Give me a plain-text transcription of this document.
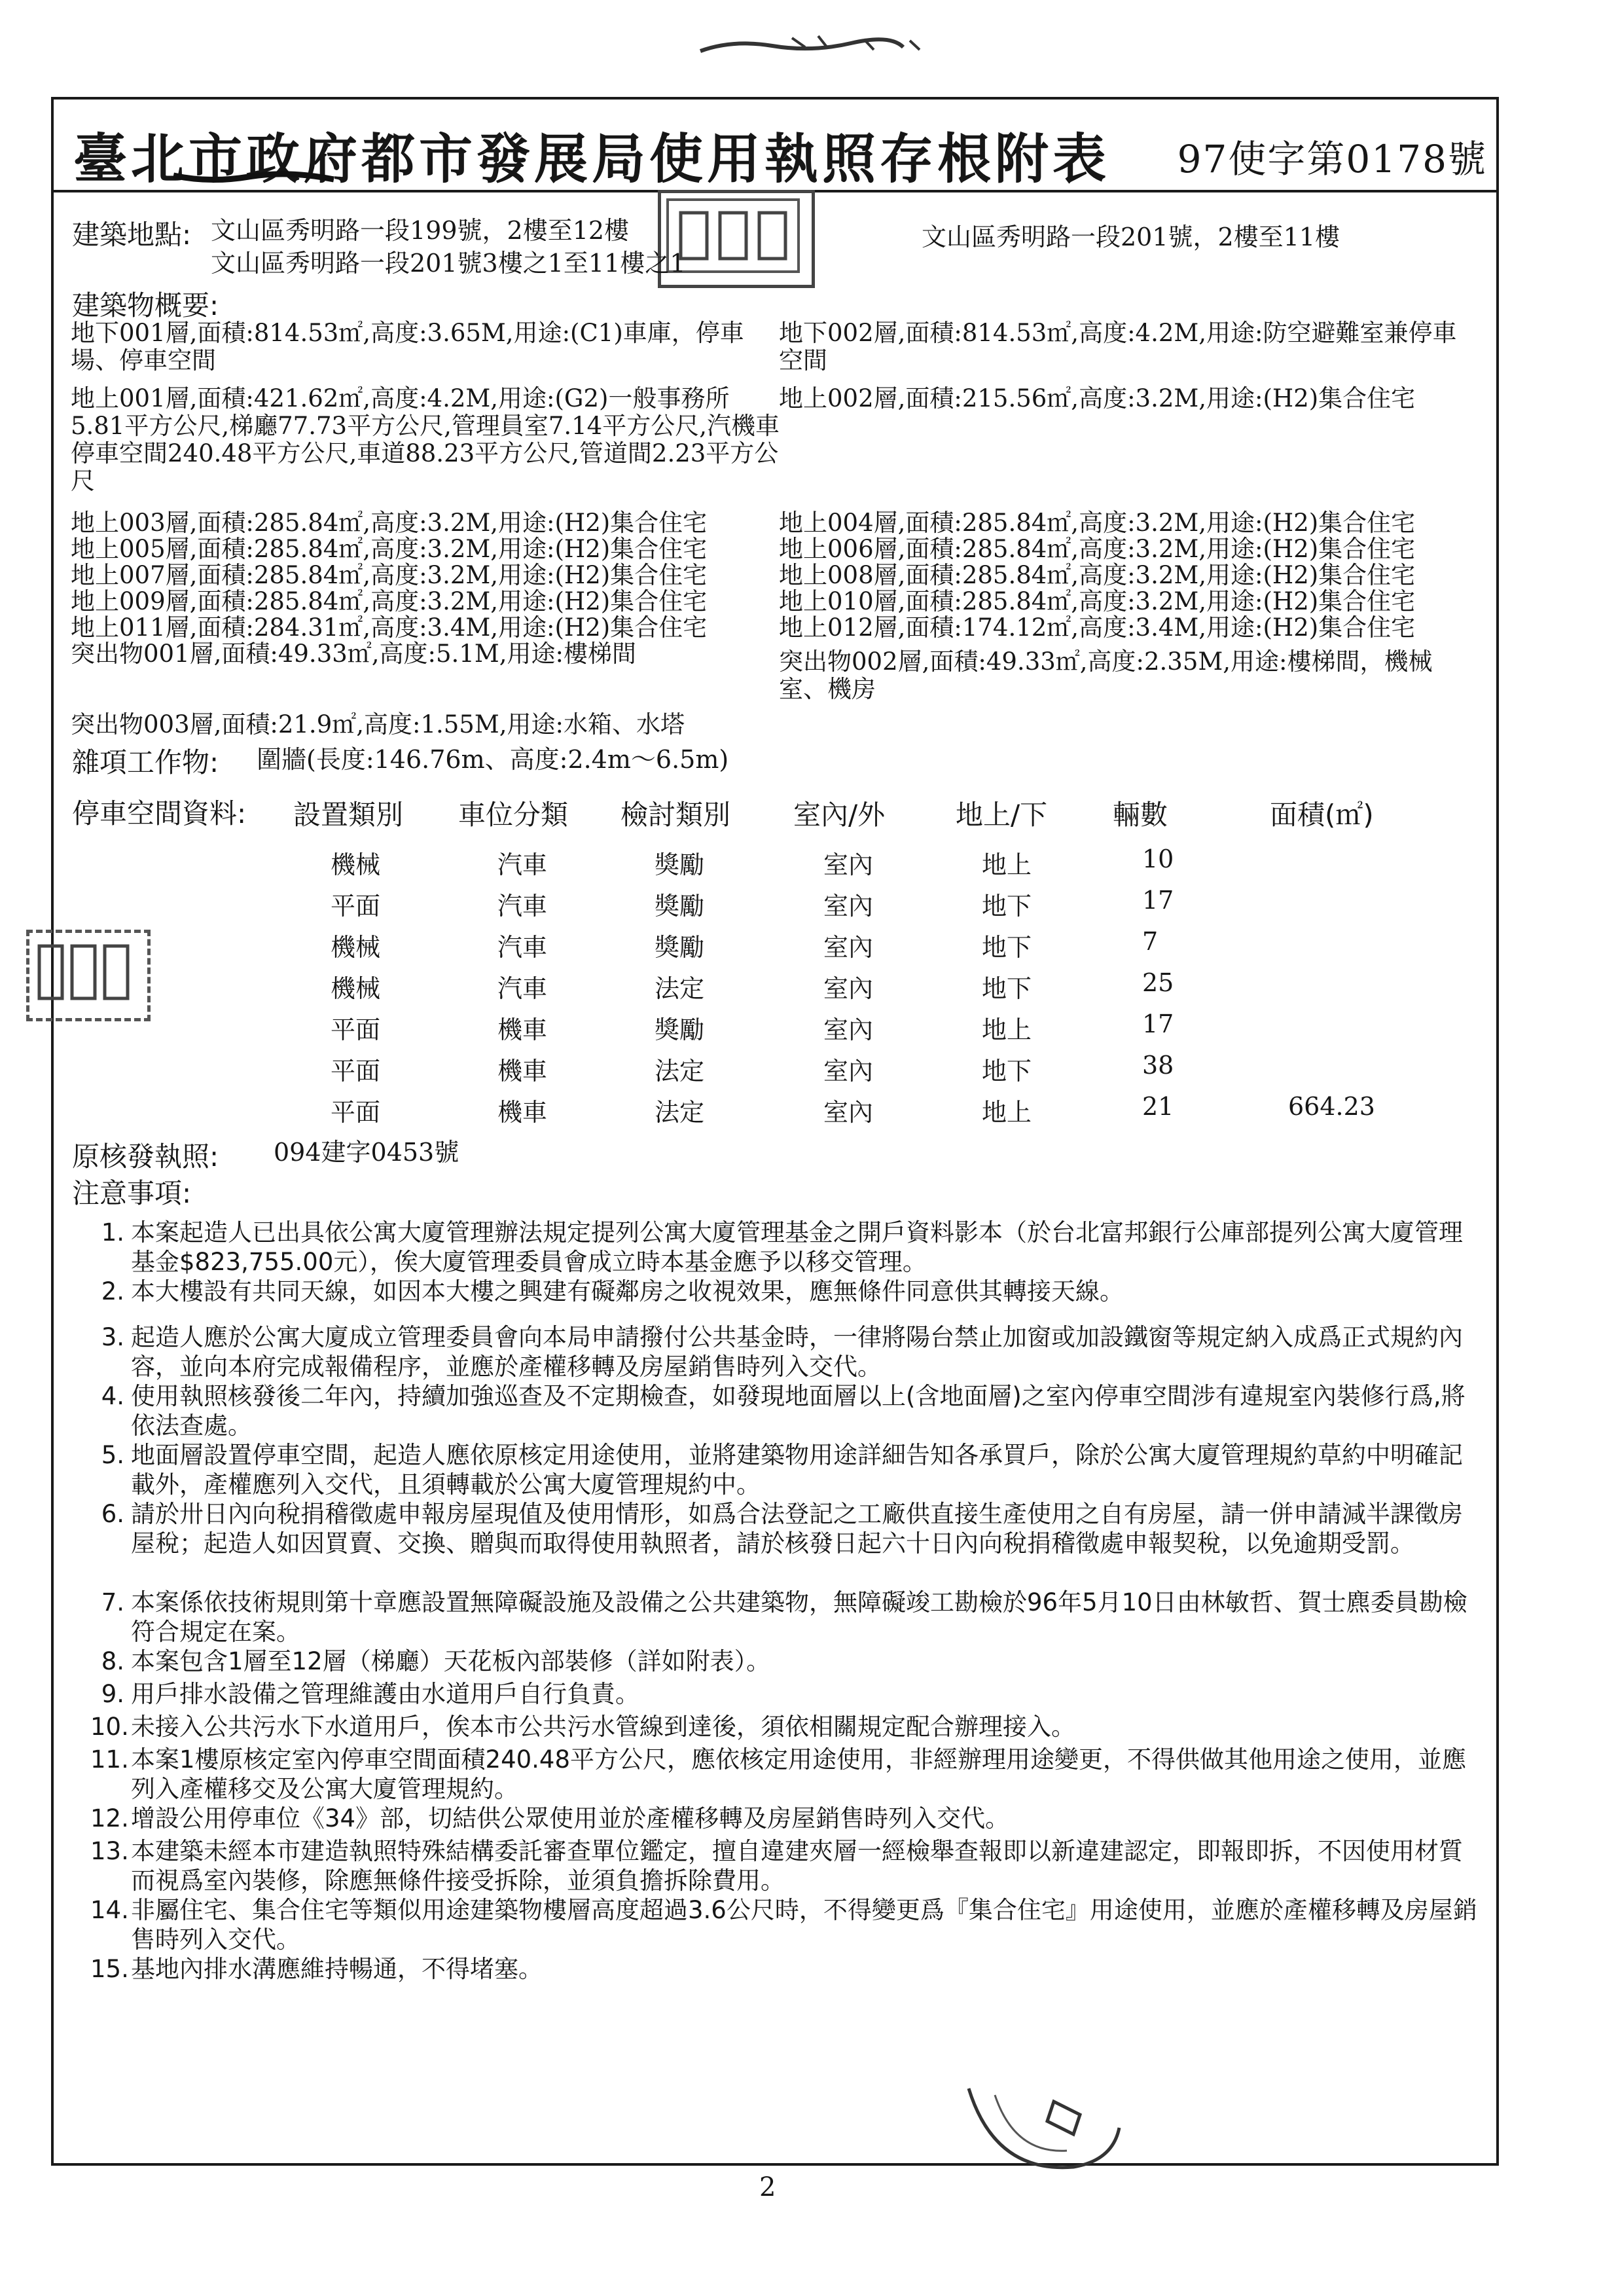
臺北市政府都市發展局使用執照存根附表 97使字第0178號
建築地點: 文山區秀明路一段199號，2樓至12樓	文山區秀明路一段201號，2樓至11樓
文山區秀明路一段201號3樓之1至11樓之1
建築物概要:
地下001層,面積:814.53㎡,高度:3.65M,用途:(C1)車庫，停車場、停車空間
地下002層,面積:814.53㎡,高度:4.2M,用途:防空避難室兼停車空間
地上001層,面積:421.62㎡,高度:4.2M,用途:(G2)一般事務所5.81平方公尺,梯廳77.73平方公尺,管理員室7.14平方公尺,汽機車停車空間240.48平方公尺,車道88.23平方公尺,管道間2.23平方公尺
地上002層,面積:215.56㎡,高度:3.2M,用途:(H2)集合住宅
地上003層,面積:285.84㎡,高度:3.2M,用途:(H2)集合住宅	地上004層,面積:285.84㎡,高度:3.2M,用途:(H2)集合住宅
地上005層,面積:285.84㎡,高度:3.2M,用途:(H2)集合住宅	地上006層,面積:285.84㎡,高度:3.2M,用途:(H2)集合住宅
地上007層,面積:285.84㎡,高度:3.2M,用途:(H2)集合住宅	地上008層,面積:285.84㎡,高度:3.2M,用途:(H2)集合住宅
地上009層,面積:285.84㎡,高度:3.2M,用途:(H2)集合住宅	地上010層,面積:285.84㎡,高度:3.2M,用途:(H2)集合住宅
地上011層,面積:284.31㎡,高度:3.4M,用途:(H2)集合住宅	地上012層,面積:174.12㎡,高度:3.4M,用途:(H2)集合住宅
突出物001層,面積:49.33㎡,高度:5.1M,用途:樓梯間	突出物002層,面積:49.33㎡,高度:2.35M,用途:樓梯間，機械室、機房
突出物003層,面積:21.9㎡,高度:1.55M,用途:水箱、水塔
雜項工作物: 圍牆(長度:146.76m、高度:2.4m～6.5m)
停車空間資料: 設置類別 車位分類 檢討類別 室內/外	地上/下 輛數	面積(㎡)
機械	汽車	獎勵	室內	地上	10
平面	汽車	獎勵	室內	地下	17
機械	汽車	獎勵	室內	地下	7
機械	汽車	法定	室內	地下	25
平面	機車	獎勵	室內	地上	17
平面	機車	法定	室內	地下	38
平面	機車	法定	室內	地上	21	664.23
原核發執照: 094建字0453號
注意事項:
1. 本案起造人已出具依公寓大廈管理辦法規定提列公寓大廈管理基金之開戶資料影本（於台北富邦銀行公庫部提列公寓大廈管理基金$823,755.00元），俟大廈管理委員會成立時本基金應予以移交管理。
2. 本大樓設有共同天線，如因本大樓之興建有礙鄰房之收視效果，應無條件同意供其轉接天線。
3. 起造人應於公寓大廈成立管理委員會向本局申請撥付公共基金時，一律將陽台禁止加窗或加設鐵窗等規定納入成爲正式規約內容，並向本府完成報備程序，並應於產權移轉及房屋銷售時列入交代。
4. 使用執照核發後二年內，持續加強巡查及不定期檢查，如發現地面層以上(含地面層)之室內停車空間涉有違規室內裝修行爲,將依法查處。
5. 地面層設置停車空間，起造人應依原核定用途使用，並將建築物用途詳細告知各承買戶，除於公寓大廈管理規約草約中明確記載外，產權應列入交代，且須轉載於公寓大廈管理規約中。
6. 請於卅日內向稅捐稽徵處申報房屋現值及使用情形，如爲合法登記之工廠供直接生產使用之自有房屋，請一併申請減半課徵房屋稅；起造人如因買賣、交換、贈與而取得使用執照者，請於核發日起六十日內向稅捐稽徵處申報契稅，以免逾期受罰。
7. 本案係依技術規則第十章應設置無障礙設施及設備之公共建築物，無障礙竣工勘檢於96年5月10日由林敏哲、賀士麃委員勘檢符合規定在案。
8. 本案包含1層至12層（梯廳）天花板內部裝修（詳如附表）。
9. 用戶排水設備之管理維護由水道用戶自行負責。
10. 未接入公共污水下水道用戶，俟本市公共污水管線到達後，須依相關規定配合辦理接入。
11. 本案1樓原核定室內停車空間面積240.48平方公尺，應依核定用途使用，非經辦理用途變更，不得供做其他用途之使用，並應列入產權移交及公寓大廈管理規約。
12. 增設公用停車位《34》部，切結供公眾使用並於產權移轉及房屋銷售時列入交代。
13. 本建築未經本市建造執照特殊結構委託審查單位鑑定，擅自違建夾層一經檢舉查報即以新違建認定，即報即拆，不因使用材質而視爲室內裝修，除應無條件接受拆除，並須負擔拆除費用。
14. 非屬住宅、集合住宅等類似用途建築物樓層高度超過3.6公尺時，不得變更爲『集合住宅』用途使用，並應於產權移轉及房屋銷售時列入交代。
15. 基地內排水溝應維持暢通，不得堵塞。
2
